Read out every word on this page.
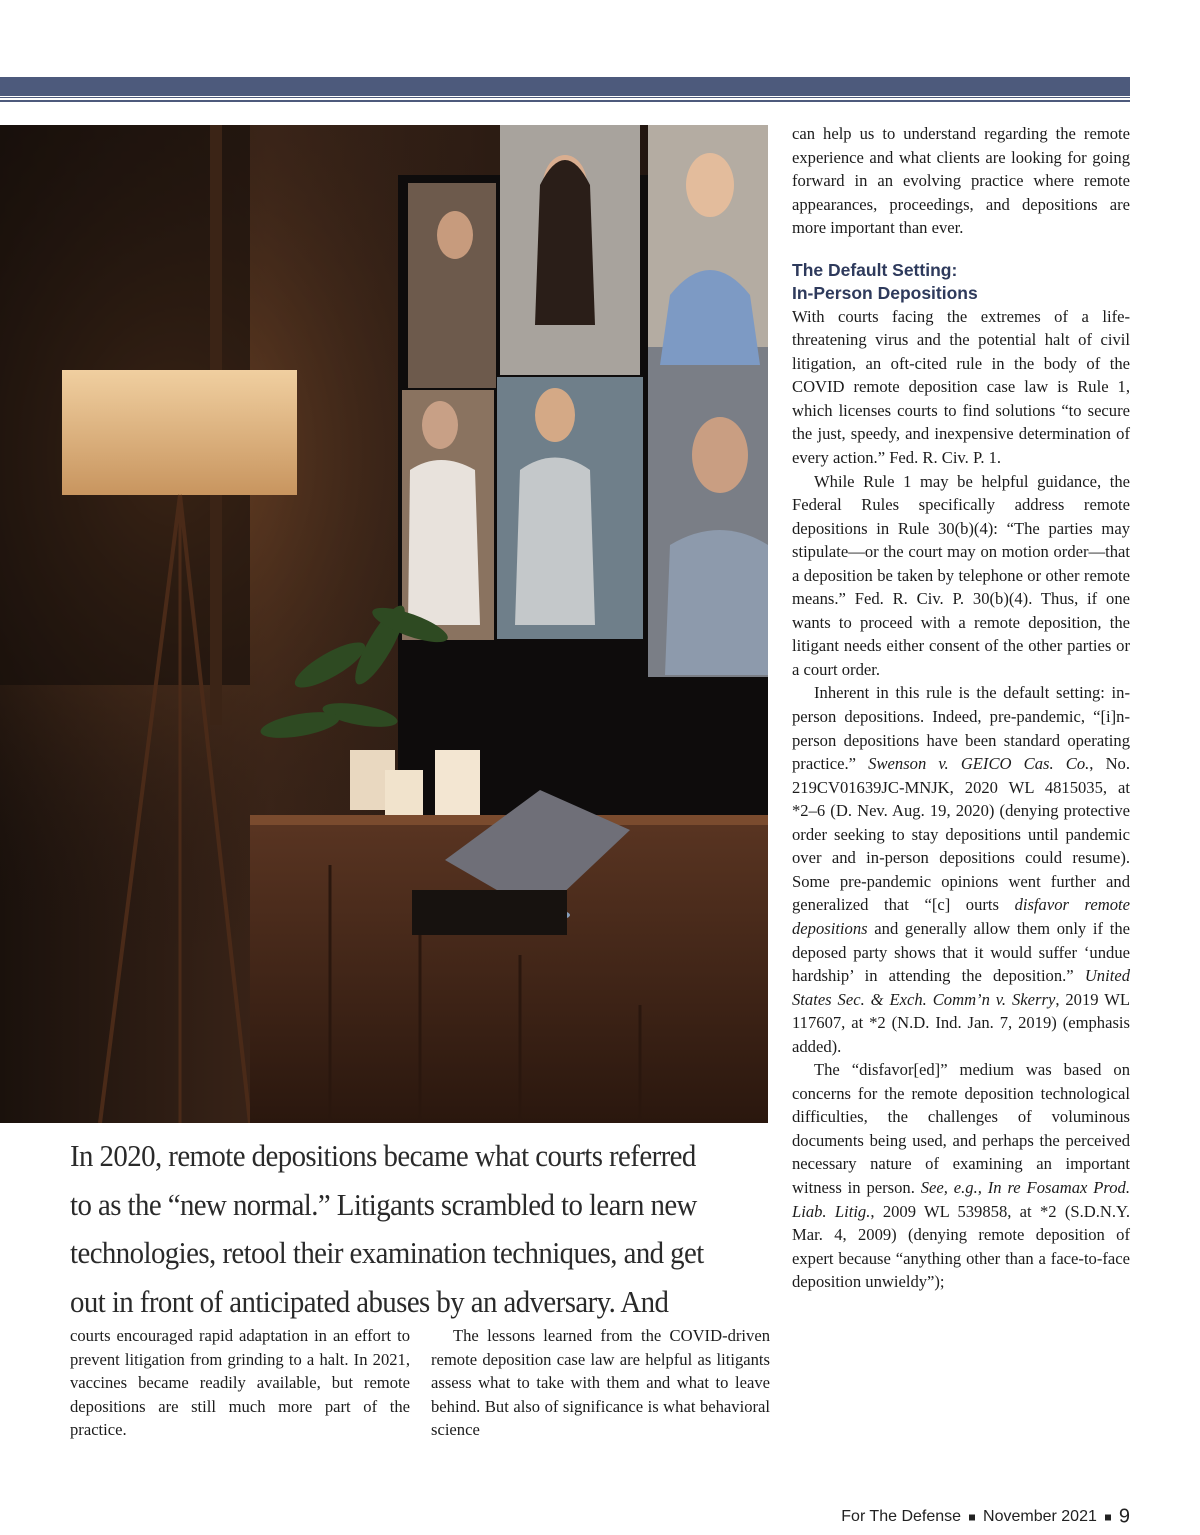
In 2020, remote depositions became what courts referred to as the “new normal.” Litigants scrambled to learn new technologies, retool their examination techniques, and get out in front of anticipated abuses by an adversary. And

courts encouraged rapid adaptation in an effort to prevent litigation from grinding to a halt. In 2021, vaccines became readily available, but remote depositions are still much more part of the practice.

The lessons learned from the COVID-driven remote deposition case law are helpful as litigants assess what to take with them and what to leave behind. But also of significance is what behavioral science

can help us to understand regarding the remote experience and what clients are looking for going forward in an evolving practice where remote appearances, proceedings, and depositions are more important than ever.

The Default Setting:
In-Person Depositions

With courts facing the extremes of a life-threatening virus and the potential halt of civil litigation, an oft-cited rule in the body of the COVID remote deposition case law is Rule 1, which licenses courts to find solutions “to secure the just, speedy, and inexpensive determination of every action.” Fed. R. Civ. P. 1.

While Rule 1 may be helpful guidance, the Federal Rules specifically address remote depositions in Rule 30(b)(4): “The parties may stipulate—or the court may on motion order—that a deposition be taken by telephone or other remote means.” Fed. R. Civ. P. 30(b)(4). Thus, if one wants to proceed with a remote deposition, the litigant needs either consent of the other parties or a court order.

Inherent in this rule is the default setting: in-person depositions. Indeed, pre-pandemic, “[i]n-person depositions have been standard operating practice.” Swenson v. GEICO Cas. Co., No. 219CV01639JC-MNJK, 2020 WL 4815035, at *2–6 (D. Nev. Aug. 19, 2020) (denying protective order seeking to stay depositions until pandemic over and in-person depositions could resume). Some pre-pandemic opinions went further and generalized that “[c] ourts disfavor remote depositions and generally allow them only if the deposed party shows that it would suffer ‘undue hardship’ in attending the deposition.” United States Sec. & Exch. Comm’n v. Skerry, 2019 WL 117607, at *2 (N.D. Ind. Jan. 7, 2019) (emphasis added).

The “disfavor[ed]” medium was based on concerns for the remote deposition technological difficulties, the challenges of voluminous documents being used, and perhaps the perceived necessary nature of examining an important witness in person. See, e.g., In re Fosamax Prod. Liab. Litig., 2009 WL 539858, at *2 (S.D.N.Y. Mar. 4, 2009) (denying remote deposition of expert because “anything other than a face-to-face deposition unwieldy”);

For The Defense November 2021 9
